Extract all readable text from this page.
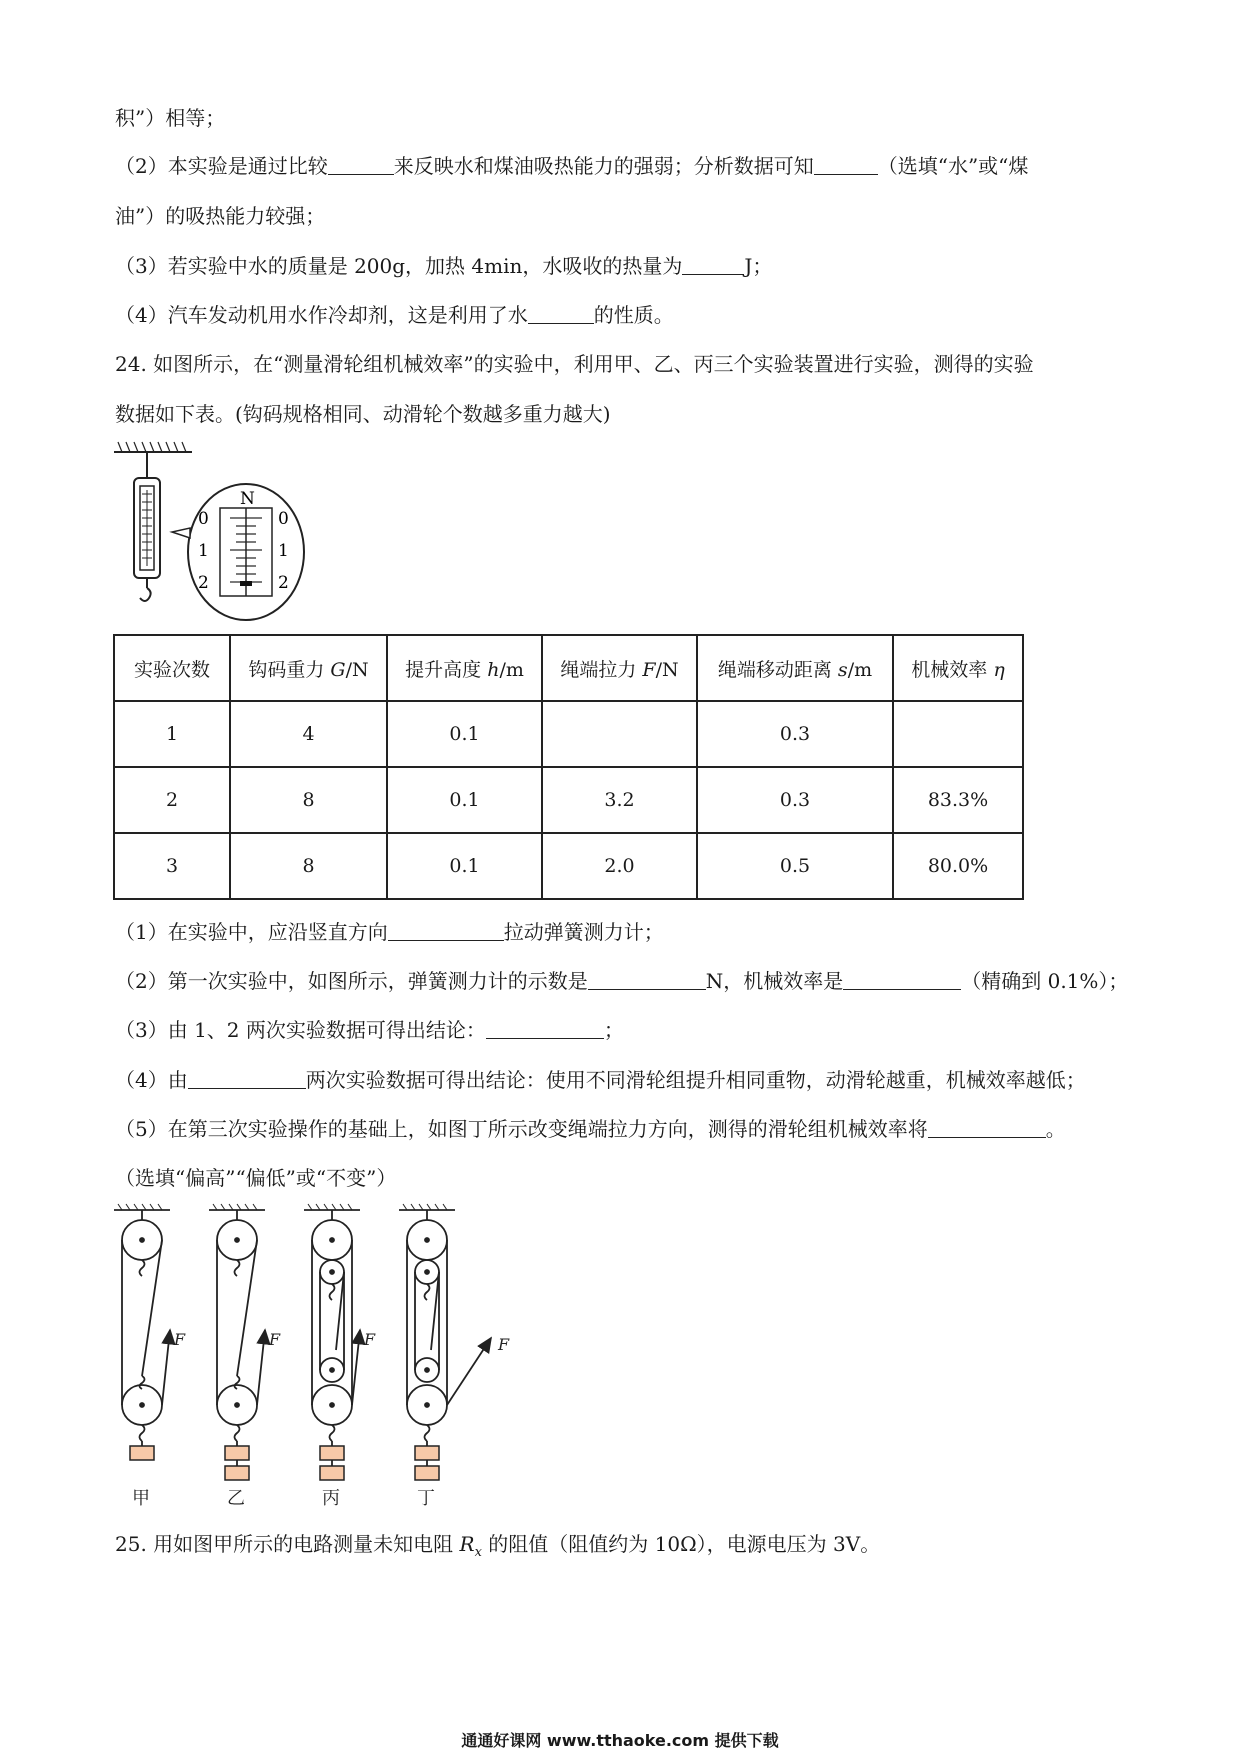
积”）相等；
（2）本实验是通过比较	来反映水和煤油吸热能力的强弱；分析数据可知	（选填“水”或“煤
油”）的吸热能力较强；
（3）若实验中水的质量是 200g，加热 4min，水吸收的热量为	J；
（4）汽车发动机用水作冷却剂，这是利用了水	的性质。
24. 如图所示，在“测量滑轮组机械效率”的实验中，利用甲、乙、丙三个实验装置进行实验，测得的实验
数据如下表。(钩码规格相同、动滑轮个数越多重力越大)
N
0
1
2
0
1
2
实验次数	钩码重力 G/N	提升高度 h/m	绳端拉力 F/N	绳端移动距离 s/m	机械效率 η
1	4	0.1		0.3	
2	8	0.1	3.2	0.3	83.3%
3	8	0.1	2.0	0.5	80.0%
（1）在实验中，应沿竖直方向	拉动弹簧测力计；
（2）第一次实验中，如图所示，弹簧测力计的示数是	N，机械效率是	（精确到 0.1%）；
（3）由 1、2 两次实验数据可得出结论：	；
（4）由	两次实验数据可得出结论：使用不同滑轮组提升相同重物，动滑轮越重，机械效率越低；
（5）在第三次实验操作的基础上，如图丁所示改变绳端拉力方向，测得的滑轮组机械效率将	。
（选填“偏高”“偏低”或“不变”）
F	F	F	F
甲	乙	丙	丁
25. 用如图甲所示的电路测量未知电阻 $R_x$ 的阻值（阻值约为 10Ω），电源电压为 3V。
通通好课网 www.tthaoke.com 提供下载
